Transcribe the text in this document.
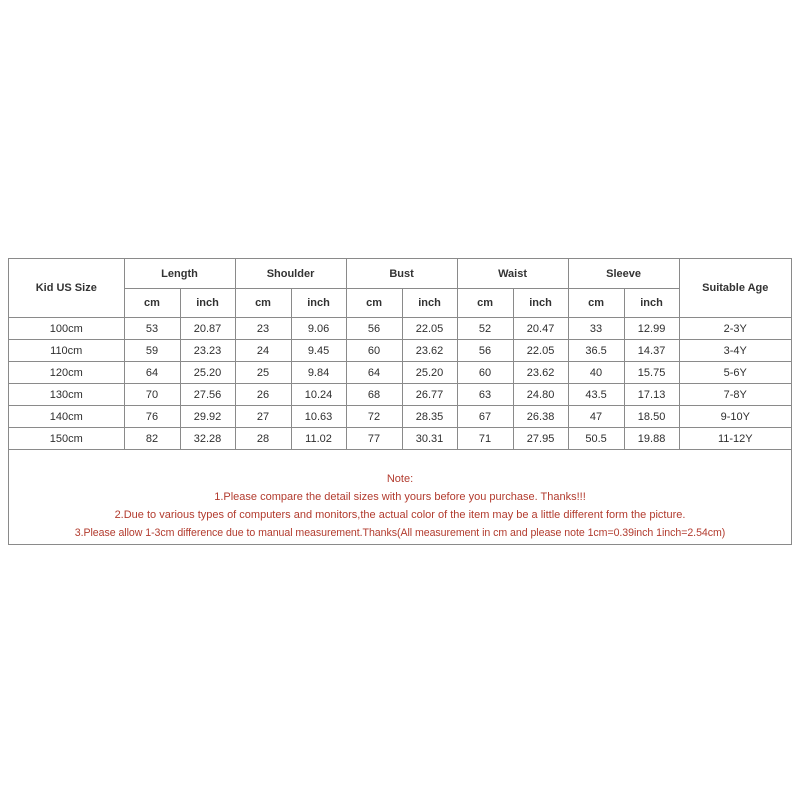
Kid US Size	Length		Shoulder		Bust		Waist		Sleeve		Suitable Age
	cm	inch	cm	inch	cm	inch	cm	inch	cm	inch	
100cm	53	20.87	23	9.06	56	22.05	52	20.47	33	12.99	2-3Y
110cm	59	23.23	24	9.45	60	23.62	56	22.05	36.5	14.37	3-4Y
120cm	64	25.20	25	9.84	64	25.20	60	23.62	40	15.75	5-6Y
130cm	70	27.56	26	10.24	68	26.77	63	24.80	43.5	17.13	7-8Y
140cm	76	29.92	27	10.63	72	28.35	67	26.38	47	18.50	9-10Y
150cm	82	32.28	28	11.02	77	30.31	71	27.95	50.5	19.88	11-12Y
Note:
1.Please compare the detail sizes with yours before you purchase. Thanks!!!
2.Due to various types of computers and monitors,the actual color of the item may be a little different form the picture.
3.Please allow 1-3cm difference due to manual measurement.Thanks(All measurement in cm and please note 1cm=0.39inch 1inch=2.54cm)
